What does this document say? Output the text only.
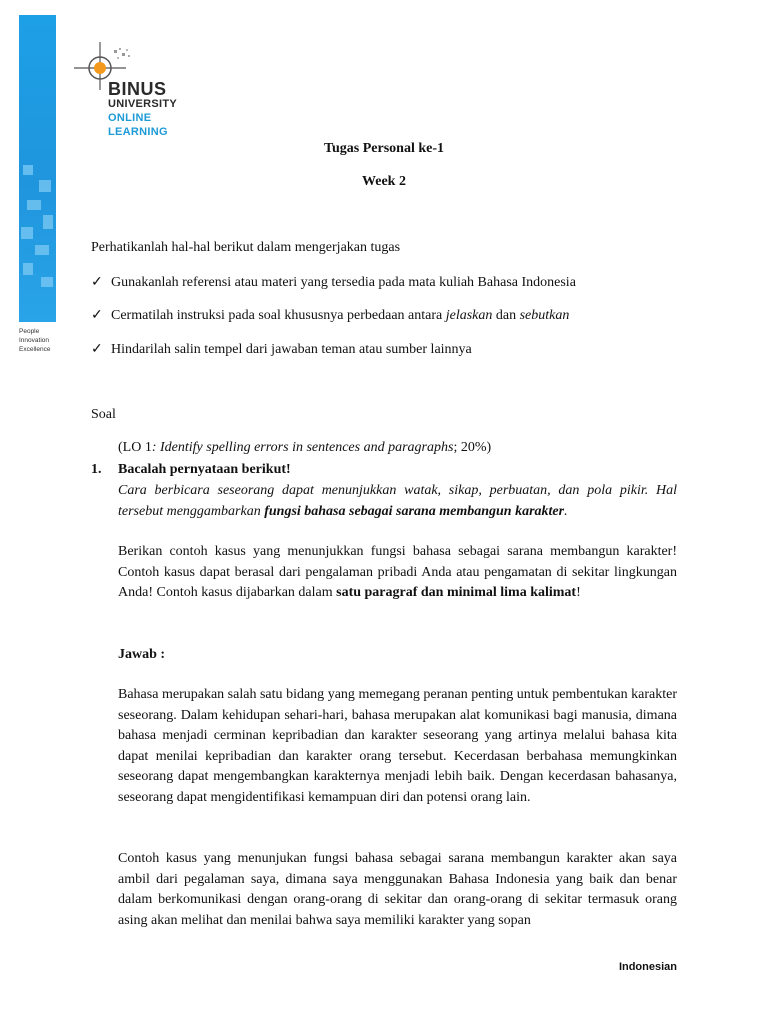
People
Innovation
Excellence
BINUS
UNIVERSITY
ONLINE
LEARNING
Tugas Personal ke-1
Week 2
Perhatikanlah hal-hal berikut dalam mengerjakan tugas
✓ Gunakanlah referensi atau materi yang tersedia pada mata kuliah Bahasa Indonesia
✓ Cermatilah instruksi pada soal khususnya perbedaan antara jelaskan dan sebutkan
✓ Hindarilah salin tempel dari jawaban teman atau sumber lainnya
Soal
(LO 1: Identify spelling errors in sentences and paragraphs; 20%)
1. Bacalah pernyataan berikut!
Cara berbicara seseorang dapat menunjukkan watak, sikap, perbuatan, dan pola pikir. Hal tersebut menggambarkan fungsi bahasa sebagai sarana membangun karakter.
Berikan contoh kasus yang menunjukkan fungsi bahasa sebagai sarana membangun karakter! Contoh kasus dapat berasal dari pengalaman pribadi Anda atau pengamatan di sekitar lingkungan Anda! Contoh kasus dijabarkan dalam satu paragraf dan minimal lima kalimat!
Jawab :
Bahasa merupakan salah satu bidang yang memegang peranan penting untuk pembentukan karakter seseorang. Dalam kehidupan sehari-hari, bahasa merupakan alat komunikasi bagi manusia, dimana bahasa menjadi cerminan kepribadian dan karakter seseorang yang artinya melalui bahasa kita dapat menilai kepribadian dan karakter orang tersebut. Kecerdasan berbahasa memungkinkan seseorang dapat mengembangkan karakternya menjadi lebih baik. Dengan kecerdasan bahasanya, seseorang dapat mengidentifikasi kemampuan diri dan potensi orang lain.
Contoh kasus yang menunjukan fungsi bahasa sebagai sarana membangun karakter akan saya ambil dari pegalaman saya, dimana saya menggunakan Bahasa Indonesia yang baik dan benar dalam berkomunikasi dengan orang-orang di sekitar dan orang-orang di sekitar termasuk orang asing akan melihat dan menilai bahwa saya memiliki karakter yang sopan
Indonesian
